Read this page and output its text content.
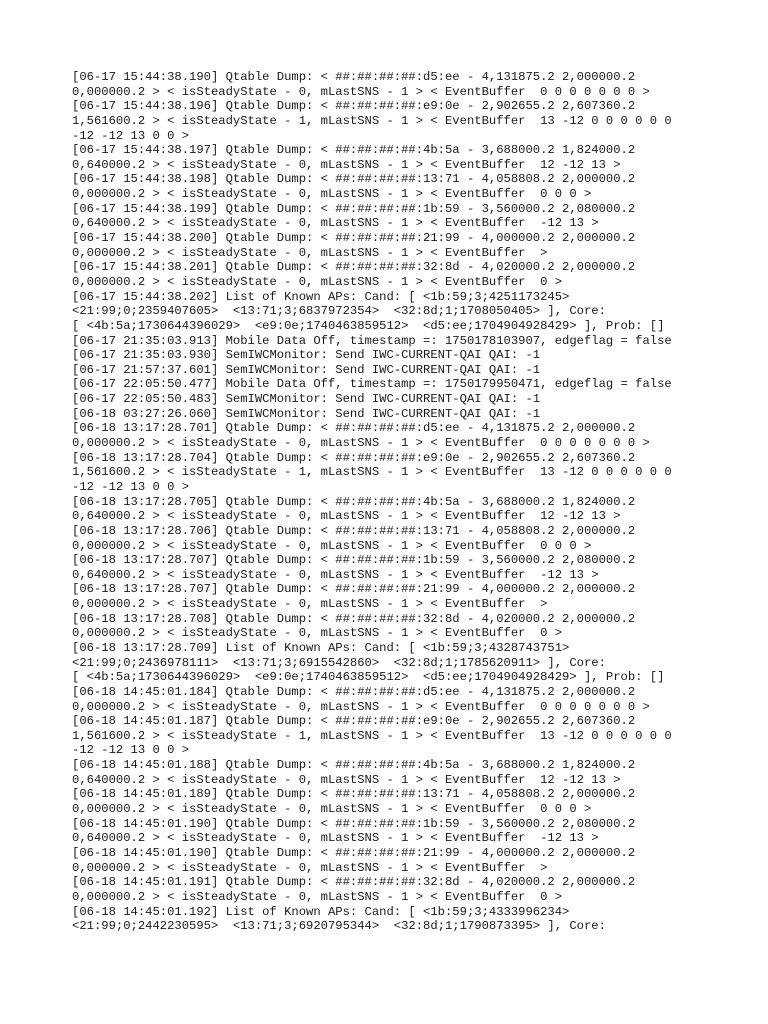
[06-17 15:44:38.190] Qtable Dump: < ##:##:##:##:d5:ee - 4,131875.2 2,000000.2
0,000000.2 > < isSteadyState - 0, mLastSNS - 1 > < EventBuffer  0 0 0 0 0 0 0 >
[06-17 15:44:38.196] Qtable Dump: < ##:##:##:##:e9:0e - 2,902655.2 2,607360.2
1,561600.2 > < isSteadyState - 1, mLastSNS - 1 > < EventBuffer  13 -12 0 0 0 0 0 0
-12 -12 13 0 0 >
[06-17 15:44:38.197] Qtable Dump: < ##:##:##:##:4b:5a - 3,688000.2 1,824000.2
0,640000.2 > < isSteadyState - 0, mLastSNS - 1 > < EventBuffer  12 -12 13 >
[06-17 15:44:38.198] Qtable Dump: < ##:##:##:##:13:71 - 4,058808.2 2,000000.2
0,000000.2 > < isSteadyState - 0, mLastSNS - 1 > < EventBuffer  0 0 0 >
[06-17 15:44:38.199] Qtable Dump: < ##:##:##:##:1b:59 - 3,560000.2 2,080000.2
0,640000.2 > < isSteadyState - 0, mLastSNS - 1 > < EventBuffer  -12 13 >
[06-17 15:44:38.200] Qtable Dump: < ##:##:##:##:21:99 - 4,000000.2 2,000000.2
0,000000.2 > < isSteadyState - 0, mLastSNS - 1 > < EventBuffer  >
[06-17 15:44:38.201] Qtable Dump: < ##:##:##:##:32:8d - 4,020000.2 2,000000.2
0,000000.2 > < isSteadyState - 0, mLastSNS - 1 > < EventBuffer  0 >
[06-17 15:44:38.202] List of Known APs: Cand: [ <1b:59;3;4251173245>
<21:99;0;2359407605>  <13:71;3;6837972354>  <32:8d;1;1708050405> ], Core:
[ <4b:5a;1730644396029>  <e9:0e;1740463859512>  <d5:ee;1704904928429> ], Prob: []
[06-17 21:35:03.913] Mobile Data Off, timestamp =: 1750178103907, edgeflag = false
[06-17 21:35:03.930] SemIWCMonitor: Send IWC-CURRENT-QAI QAI: -1
[06-17 21:57:37.601] SemIWCMonitor: Send IWC-CURRENT-QAI QAI: -1
[06-17 22:05:50.477] Mobile Data Off, timestamp =: 1750179950471, edgeflag = false
[06-17 22:05:50.483] SemIWCMonitor: Send IWC-CURRENT-QAI QAI: -1
[06-18 03:27:26.060] SemIWCMonitor: Send IWC-CURRENT-QAI QAI: -1
[06-18 13:17:28.701] Qtable Dump: < ##:##:##:##:d5:ee - 4,131875.2 2,000000.2
0,000000.2 > < isSteadyState - 0, mLastSNS - 1 > < EventBuffer  0 0 0 0 0 0 0 >
[06-18 13:17:28.704] Qtable Dump: < ##:##:##:##:e9:0e - 2,902655.2 2,607360.2
1,561600.2 > < isSteadyState - 1, mLastSNS - 1 > < EventBuffer  13 -12 0 0 0 0 0 0
-12 -12 13 0 0 >
[06-18 13:17:28.705] Qtable Dump: < ##:##:##:##:4b:5a - 3,688000.2 1,824000.2
0,640000.2 > < isSteadyState - 0, mLastSNS - 1 > < EventBuffer  12 -12 13 >
[06-18 13:17:28.706] Qtable Dump: < ##:##:##:##:13:71 - 4,058808.2 2,000000.2
0,000000.2 > < isSteadyState - 0, mLastSNS - 1 > < EventBuffer  0 0 0 >
[06-18 13:17:28.707] Qtable Dump: < ##:##:##:##:1b:59 - 3,560000.2 2,080000.2
0,640000.2 > < isSteadyState - 0, mLastSNS - 1 > < EventBuffer  -12 13 >
[06-18 13:17:28.707] Qtable Dump: < ##:##:##:##:21:99 - 4,000000.2 2,000000.2
0,000000.2 > < isSteadyState - 0, mLastSNS - 1 > < EventBuffer  >
[06-18 13:17:28.708] Qtable Dump: < ##:##:##:##:32:8d - 4,020000.2 2,000000.2
0,000000.2 > < isSteadyState - 0, mLastSNS - 1 > < EventBuffer  0 >
[06-18 13:17:28.709] List of Known APs: Cand: [ <1b:59;3;4328743751>
<21:99;0;2436978111>  <13:71;3;6915542860>  <32:8d;1;1785620911> ], Core:
[ <4b:5a;1730644396029>  <e9:0e;1740463859512>  <d5:ee;1704904928429> ], Prob: []
[06-18 14:45:01.184] Qtable Dump: < ##:##:##:##:d5:ee - 4,131875.2 2,000000.2
0,000000.2 > < isSteadyState - 0, mLastSNS - 1 > < EventBuffer  0 0 0 0 0 0 0 >
[06-18 14:45:01.187] Qtable Dump: < ##:##:##:##:e9:0e - 2,902655.2 2,607360.2
1,561600.2 > < isSteadyState - 1, mLastSNS - 1 > < EventBuffer  13 -12 0 0 0 0 0 0
-12 -12 13 0 0 >
[06-18 14:45:01.188] Qtable Dump: < ##:##:##:##:4b:5a - 3,688000.2 1,824000.2
0,640000.2 > < isSteadyState - 0, mLastSNS - 1 > < EventBuffer  12 -12 13 >
[06-18 14:45:01.189] Qtable Dump: < ##:##:##:##:13:71 - 4,058808.2 2,000000.2
0,000000.2 > < isSteadyState - 0, mLastSNS - 1 > < EventBuffer  0 0 0 >
[06-18 14:45:01.190] Qtable Dump: < ##:##:##:##:1b:59 - 3,560000.2 2,080000.2
0,640000.2 > < isSteadyState - 0, mLastSNS - 1 > < EventBuffer  -12 13 >
[06-18 14:45:01.190] Qtable Dump: < ##:##:##:##:21:99 - 4,000000.2 2,000000.2
0,000000.2 > < isSteadyState - 0, mLastSNS - 1 > < EventBuffer  >
[06-18 14:45:01.191] Qtable Dump: < ##:##:##:##:32:8d - 4,020000.2 2,000000.2
0,000000.2 > < isSteadyState - 0, mLastSNS - 1 > < EventBuffer  0 >
[06-18 14:45:01.192] List of Known APs: Cand: [ <1b:59;3;4333996234>
<21:99;0;2442230595>  <13:71;3;6920795344>  <32:8d;1;1790873395> ], Core:
